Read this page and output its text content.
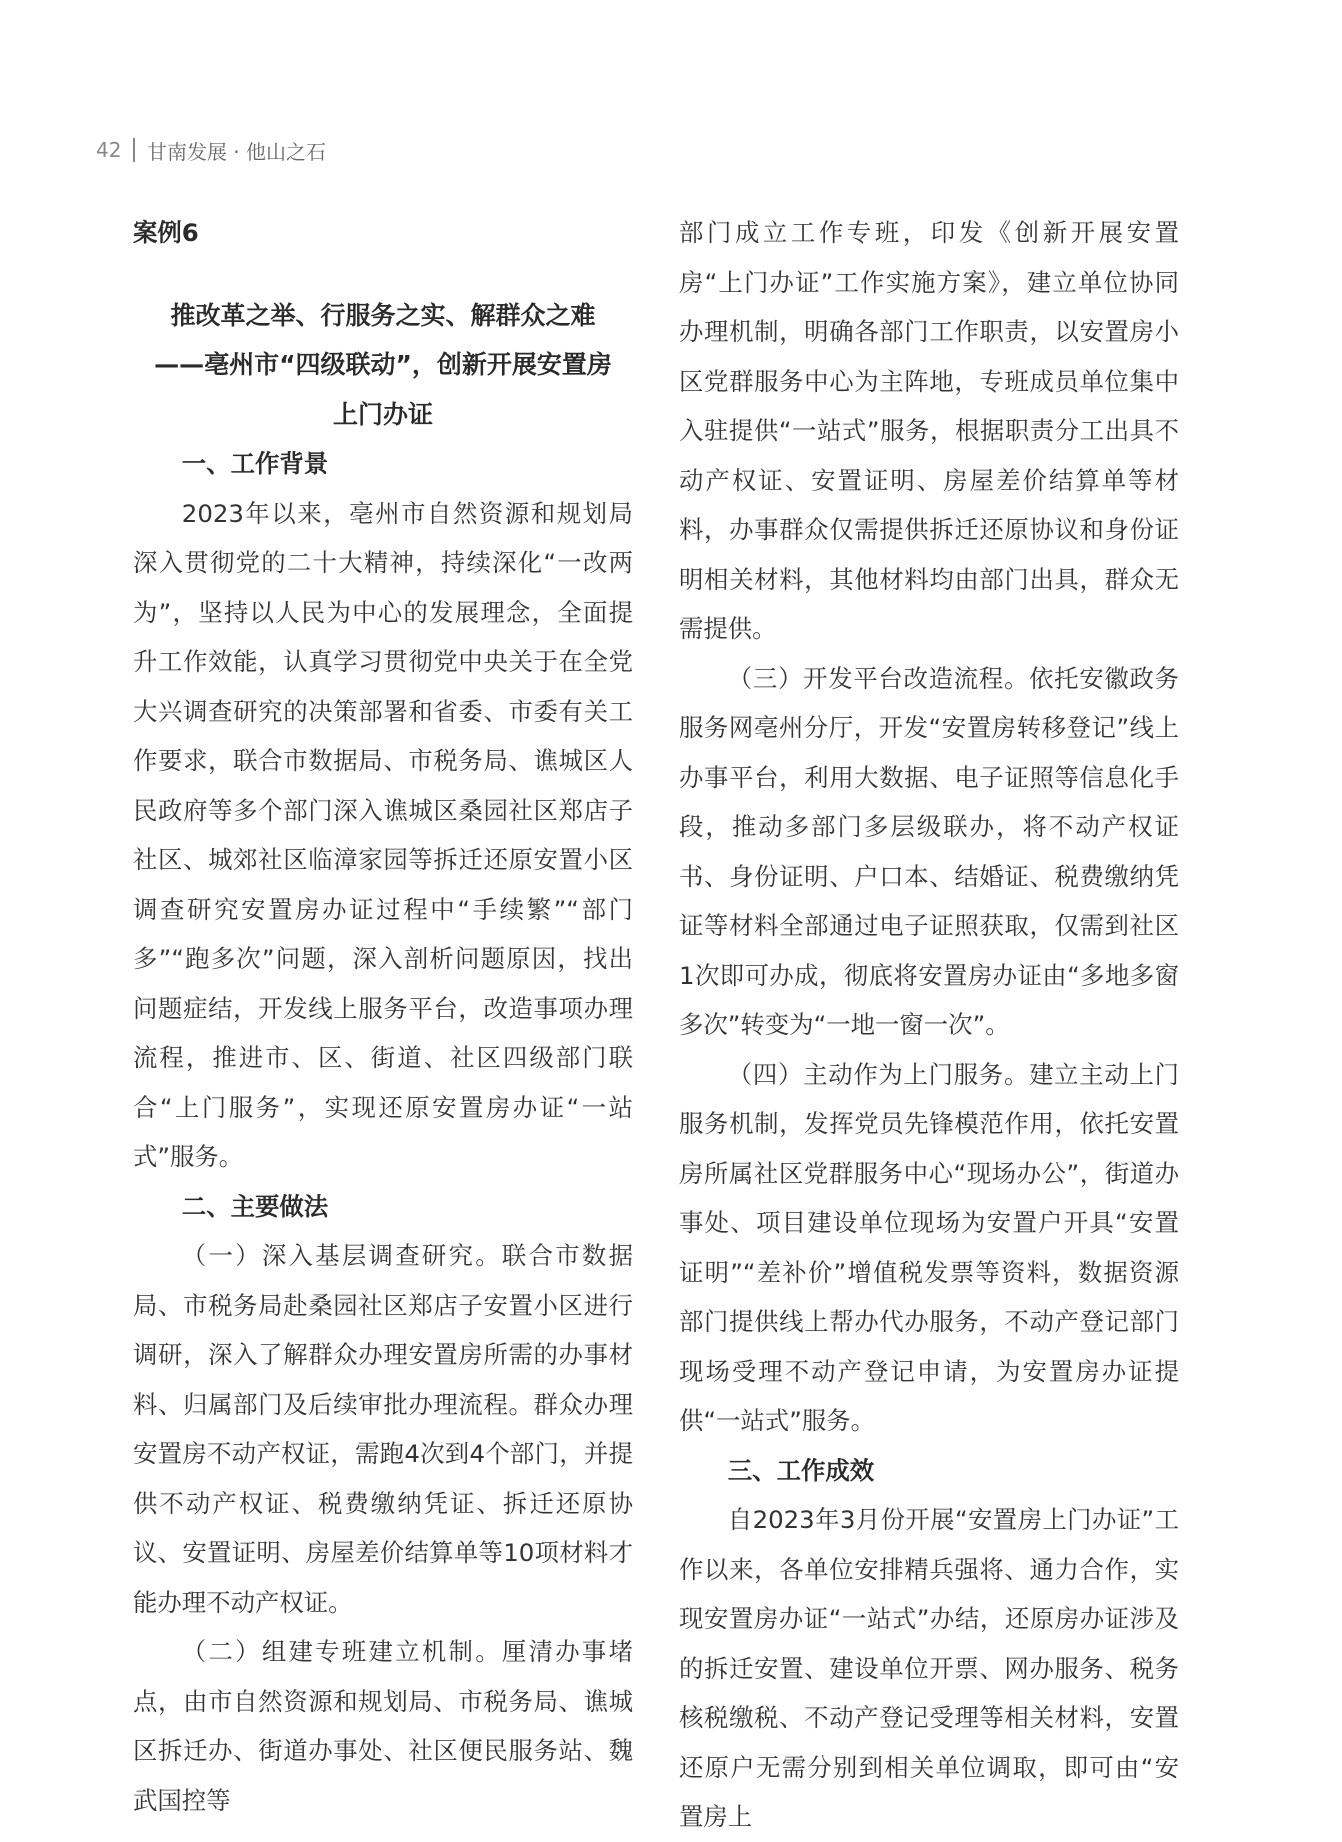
42 甘南发展 · 他山之石
案例6
推改革之举、行服务之实、解群众之难
——亳州市“四级联动”，创新开展安置房
上门办证
一、工作背景

2023年以来，亳州市自然资源和规划局深入贯彻党的二十大精神，持续深化“一改两为”，坚持以人民为中心的发展理念，全面提升工作效能，认真学习贯彻党中央关于在全党大兴调查研究的决策部署和省委、市委有关工作要求，联合市数据局、市税务局、谯城区人民政府等多个部门深入谯城区桑园社区郑店子社区、城郊社区临漳家园等拆迁还原安置小区调查研究安置房办证过程中“手续繁”“部门多”“跑多次”问题，深入剖析问题原因，找出问题症结，开发线上服务平台，改造事项办理流程，推进市、区、街道、社区四级部门联合“上门服务”，实现还原安置房办证“一站式”服务。

二、主要做法

（一）深入基层调查研究。联合市数据局、市税务局赴桑园社区郑店子安置小区进行调研，深入了解群众办理安置房所需的办事材料、归属部门及后续审批办理流程。群众办理安置房不动产权证，需跑4次到4个部门，并提供不动产权证、税费缴纳凭证、拆迁还原协议、安置证明、房屋差价结算单等10项材料才能办理不动产权证。

（二）组建专班建立机制。厘清办事堵点，由市自然资源和规划局、市税务局、谯城区拆迁办、街道办事处、社区便民服务站、魏武国控等

部门成立工作专班，印发《创新开展安置房“上门办证”工作实施方案》，建立单位协同办理机制，明确各部门工作职责，以安置房小区党群服务中心为主阵地，专班成员单位集中入驻提供“一站式”服务，根据职责分工出具不动产权证、安置证明、房屋差价结算单等材料，办事群众仅需提供拆迁还原协议和身份证明相关材料，其他材料均由部门出具，群众无需提供。

（三）开发平台改造流程。依托安徽政务服务网亳州分厅，开发“安置房转移登记”线上办事平台，利用大数据、电子证照等信息化手段，推动多部门多层级联办，将不动产权证书、身份证明、户口本、结婚证、税费缴纳凭证等材料全部通过电子证照获取，仅需到社区1次即可办成，彻底将安置房办证由“多地多窗多次”转变为“一地一窗一次”。

（四）主动作为上门服务。建立主动上门服务机制，发挥党员先锋模范作用，依托安置房所属社区党群服务中心“现场办公”，街道办事处、项目建设单位现场为安置户开具“安置证明”“差补价”增值税发票等资料，数据资源部门提供线上帮办代办服务，不动产登记部门现场受理不动产登记申请，为安置房办证提供“一站式”服务。

三、工作成效

自2023年3月份开展“安置房上门办证”工作以来，各单位安排精兵强将、通力合作，实现安置房办证“一站式”办结，还原房办证涉及的拆迁安置、建设单位开票、网办服务、税务核税缴税、不动产登记受理等相关材料，安置还原户无需分别到相关单位调取，即可由“安置房上
